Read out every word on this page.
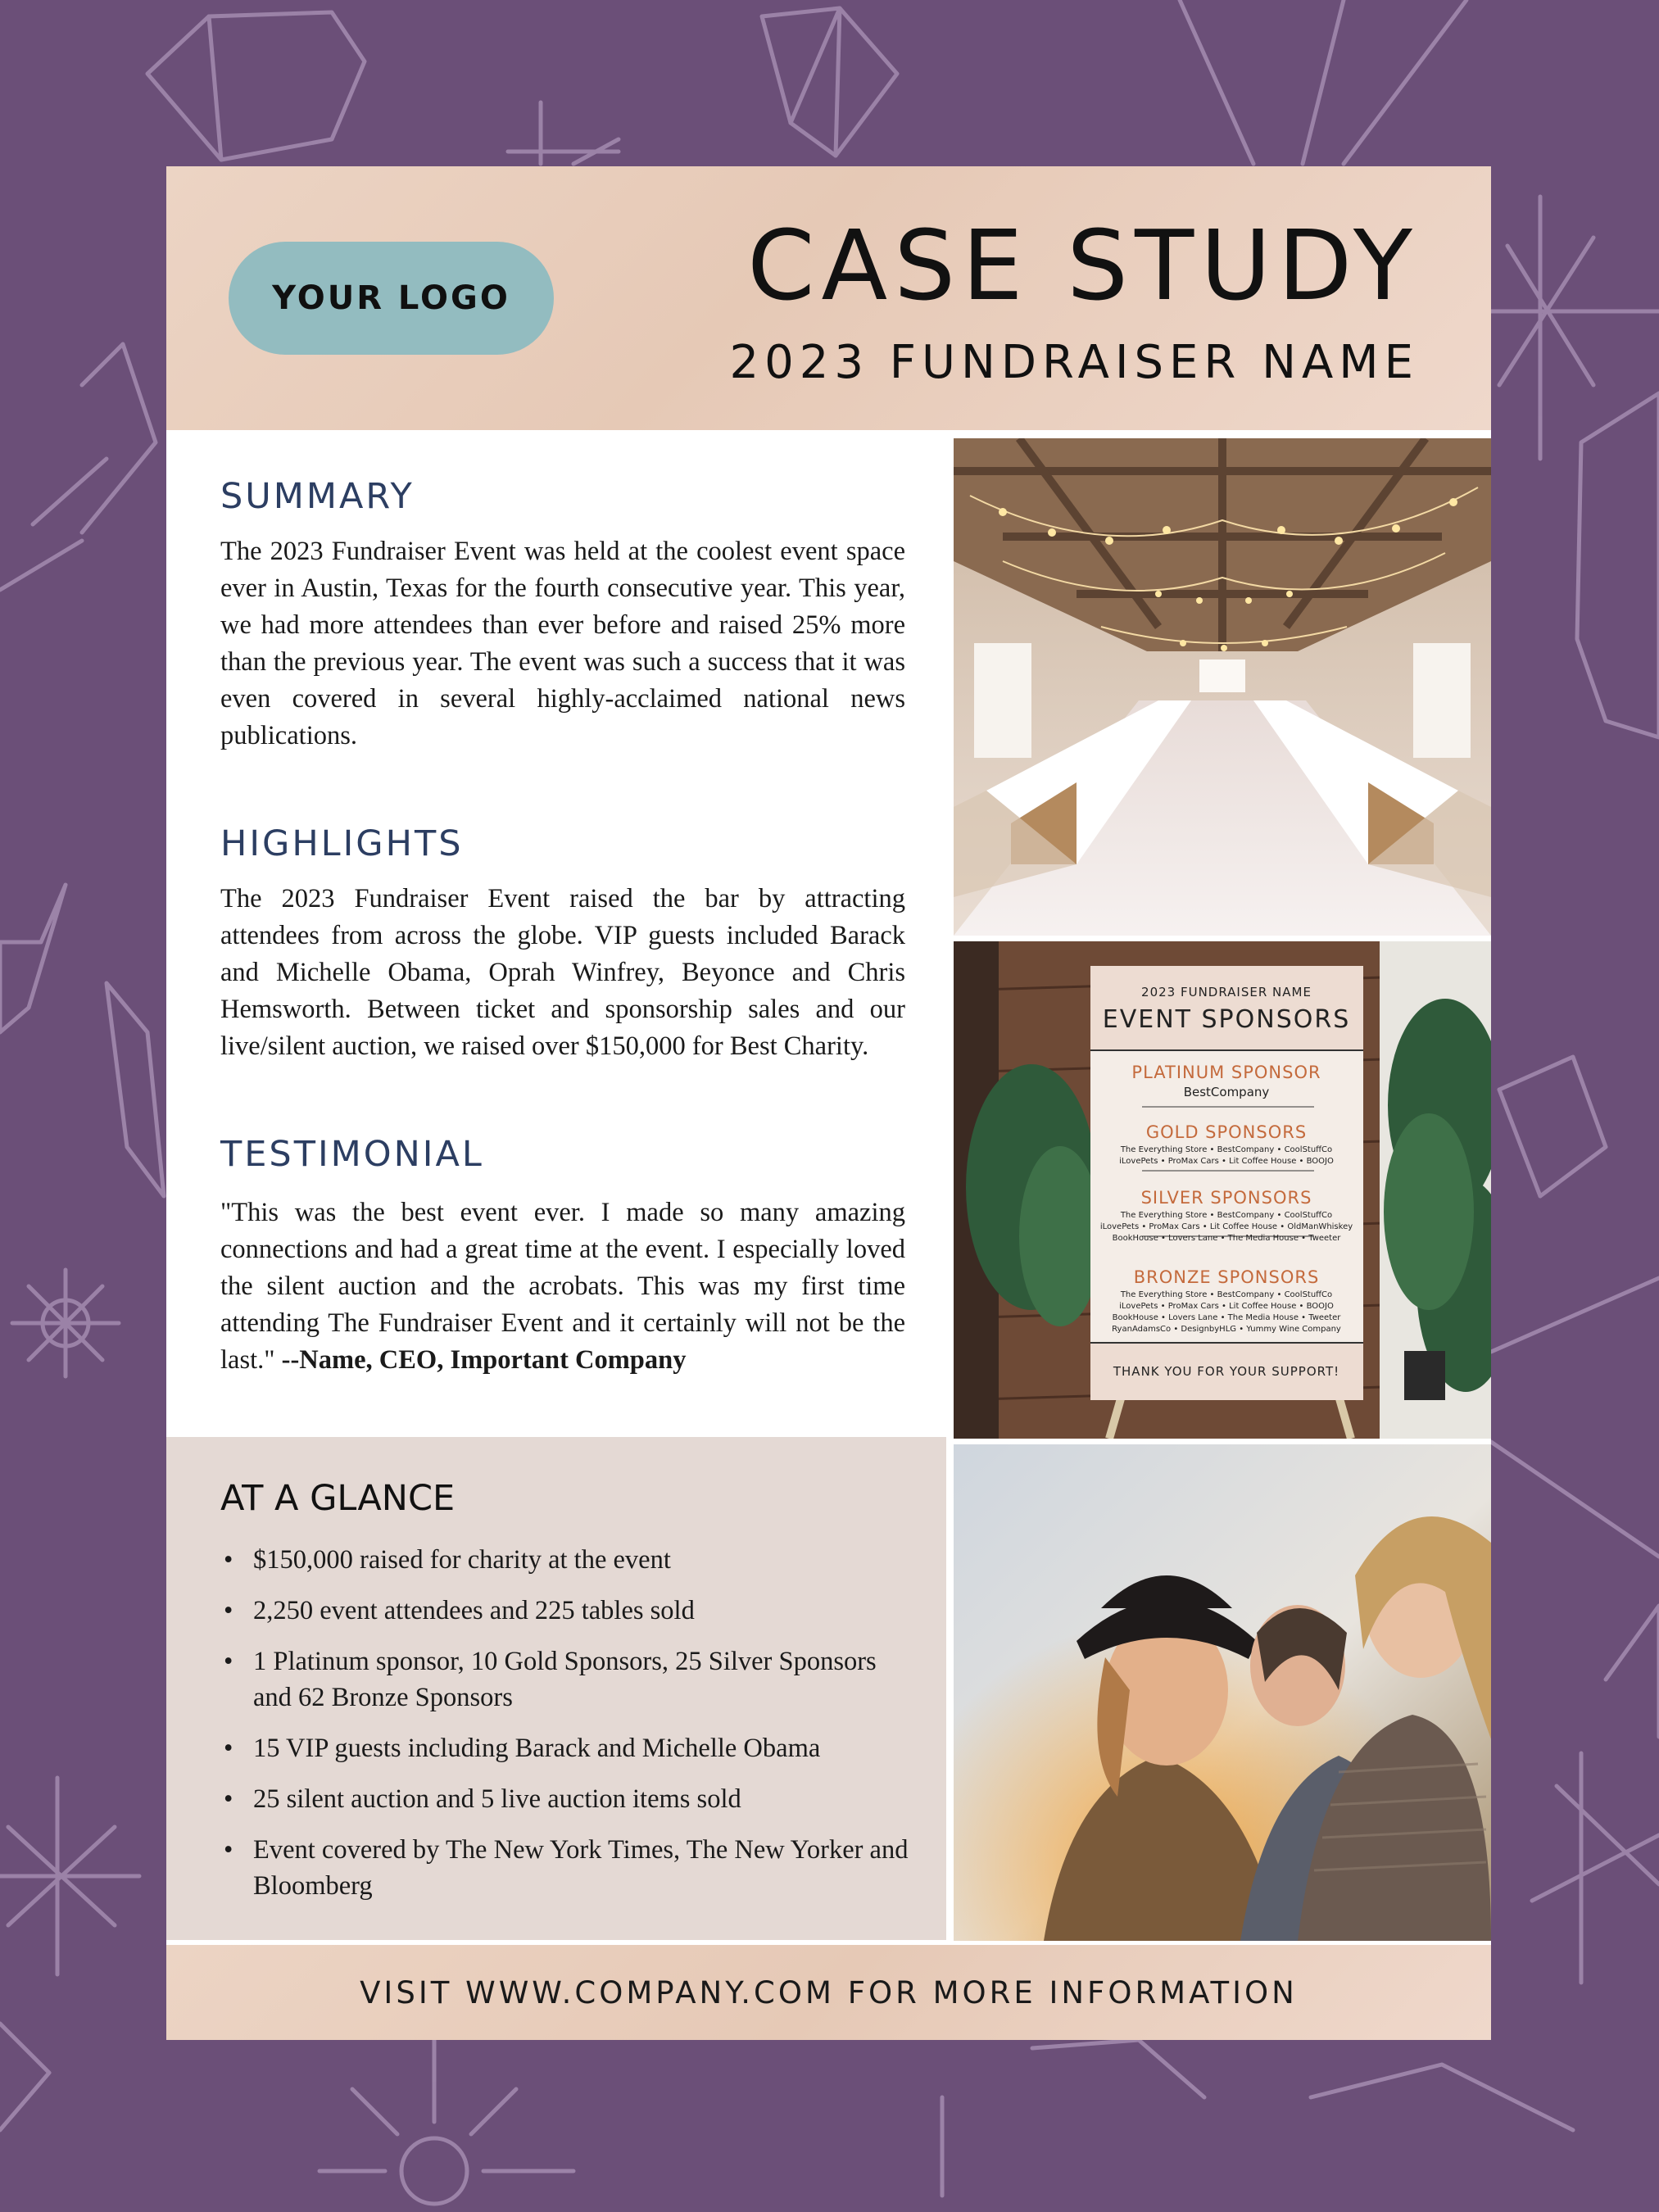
YOUR LOGO CASE STUDY
2023 FUNDRAISER NAME
SUMMARY

The 2023 Fundraiser Event was held at the coolest event space ever in Austin, Texas for the fourth consecutive year. This year, we had more attendees than ever before and raised 25% more than the previous year. The event was such a success that it was even covered in several highly-acclaimed national news publications.

HIGHLIGHTS

The 2023 Fundraiser Event raised the bar by attracting attendees from across the globe. VIP guests included Barack and Michelle Obama, Oprah Winfrey, Beyonce and Chris Hemsworth. Between ticket and sponsorship sales and our live/silent auction, we raised over $150,000 for Best Charity.

TESTIMONIAL

"This was the best event ever. I made so many amazing connections and had a great time at the event. I especially loved the silent auction and the acrobats. This was my first time attending The Fundraiser Event and it certainly will not be the last." --Name, CEO, Important Company

AT A GLANCE
• $150,000 raised for charity at the event
• 2,250 event attendees and 225 tables sold
• 1 Platinum sponsor, 10 Gold Sponsors, 25 Silver Sponsors and 62 Bronze Sponsors
• 15 VIP guests including Barack and Michelle Obama
• 25 silent auction and 5 live auction items sold
• Event covered by The New York Times, The New Yorker and Bloomberg
2023 FUNDRAISER NAME
EVENT SPONSORS
PLATINUM SPONSOR
BestCompany
GOLD SPONSORS
The Everything Store • BestCompany • CoolStuffCo
iLovePets • ProMax Cars • Lit Coffee House • BOOJO
SILVER SPONSORS
The Everything Store • BestCompany • CoolStuffCo
iLovePets • ProMax Cars • Lit Coffee House • OldManWhiskey
BookHouse • Lovers Lane • The Media House • Tweeter
BRONZE SPONSORS
The Everything Store • BestCompany • CoolStuffCo
iLovePets • ProMax Cars • Lit Coffee House • BOOJO
BookHouse • Lovers Lane • The Media House • Tweeter
RyanAdamsCo • DesignbyHLG • Yummy Wine Company
THANK YOU FOR YOUR SUPPORT!
VISIT WWW.COMPANY.COM FOR MORE INFORMATION
